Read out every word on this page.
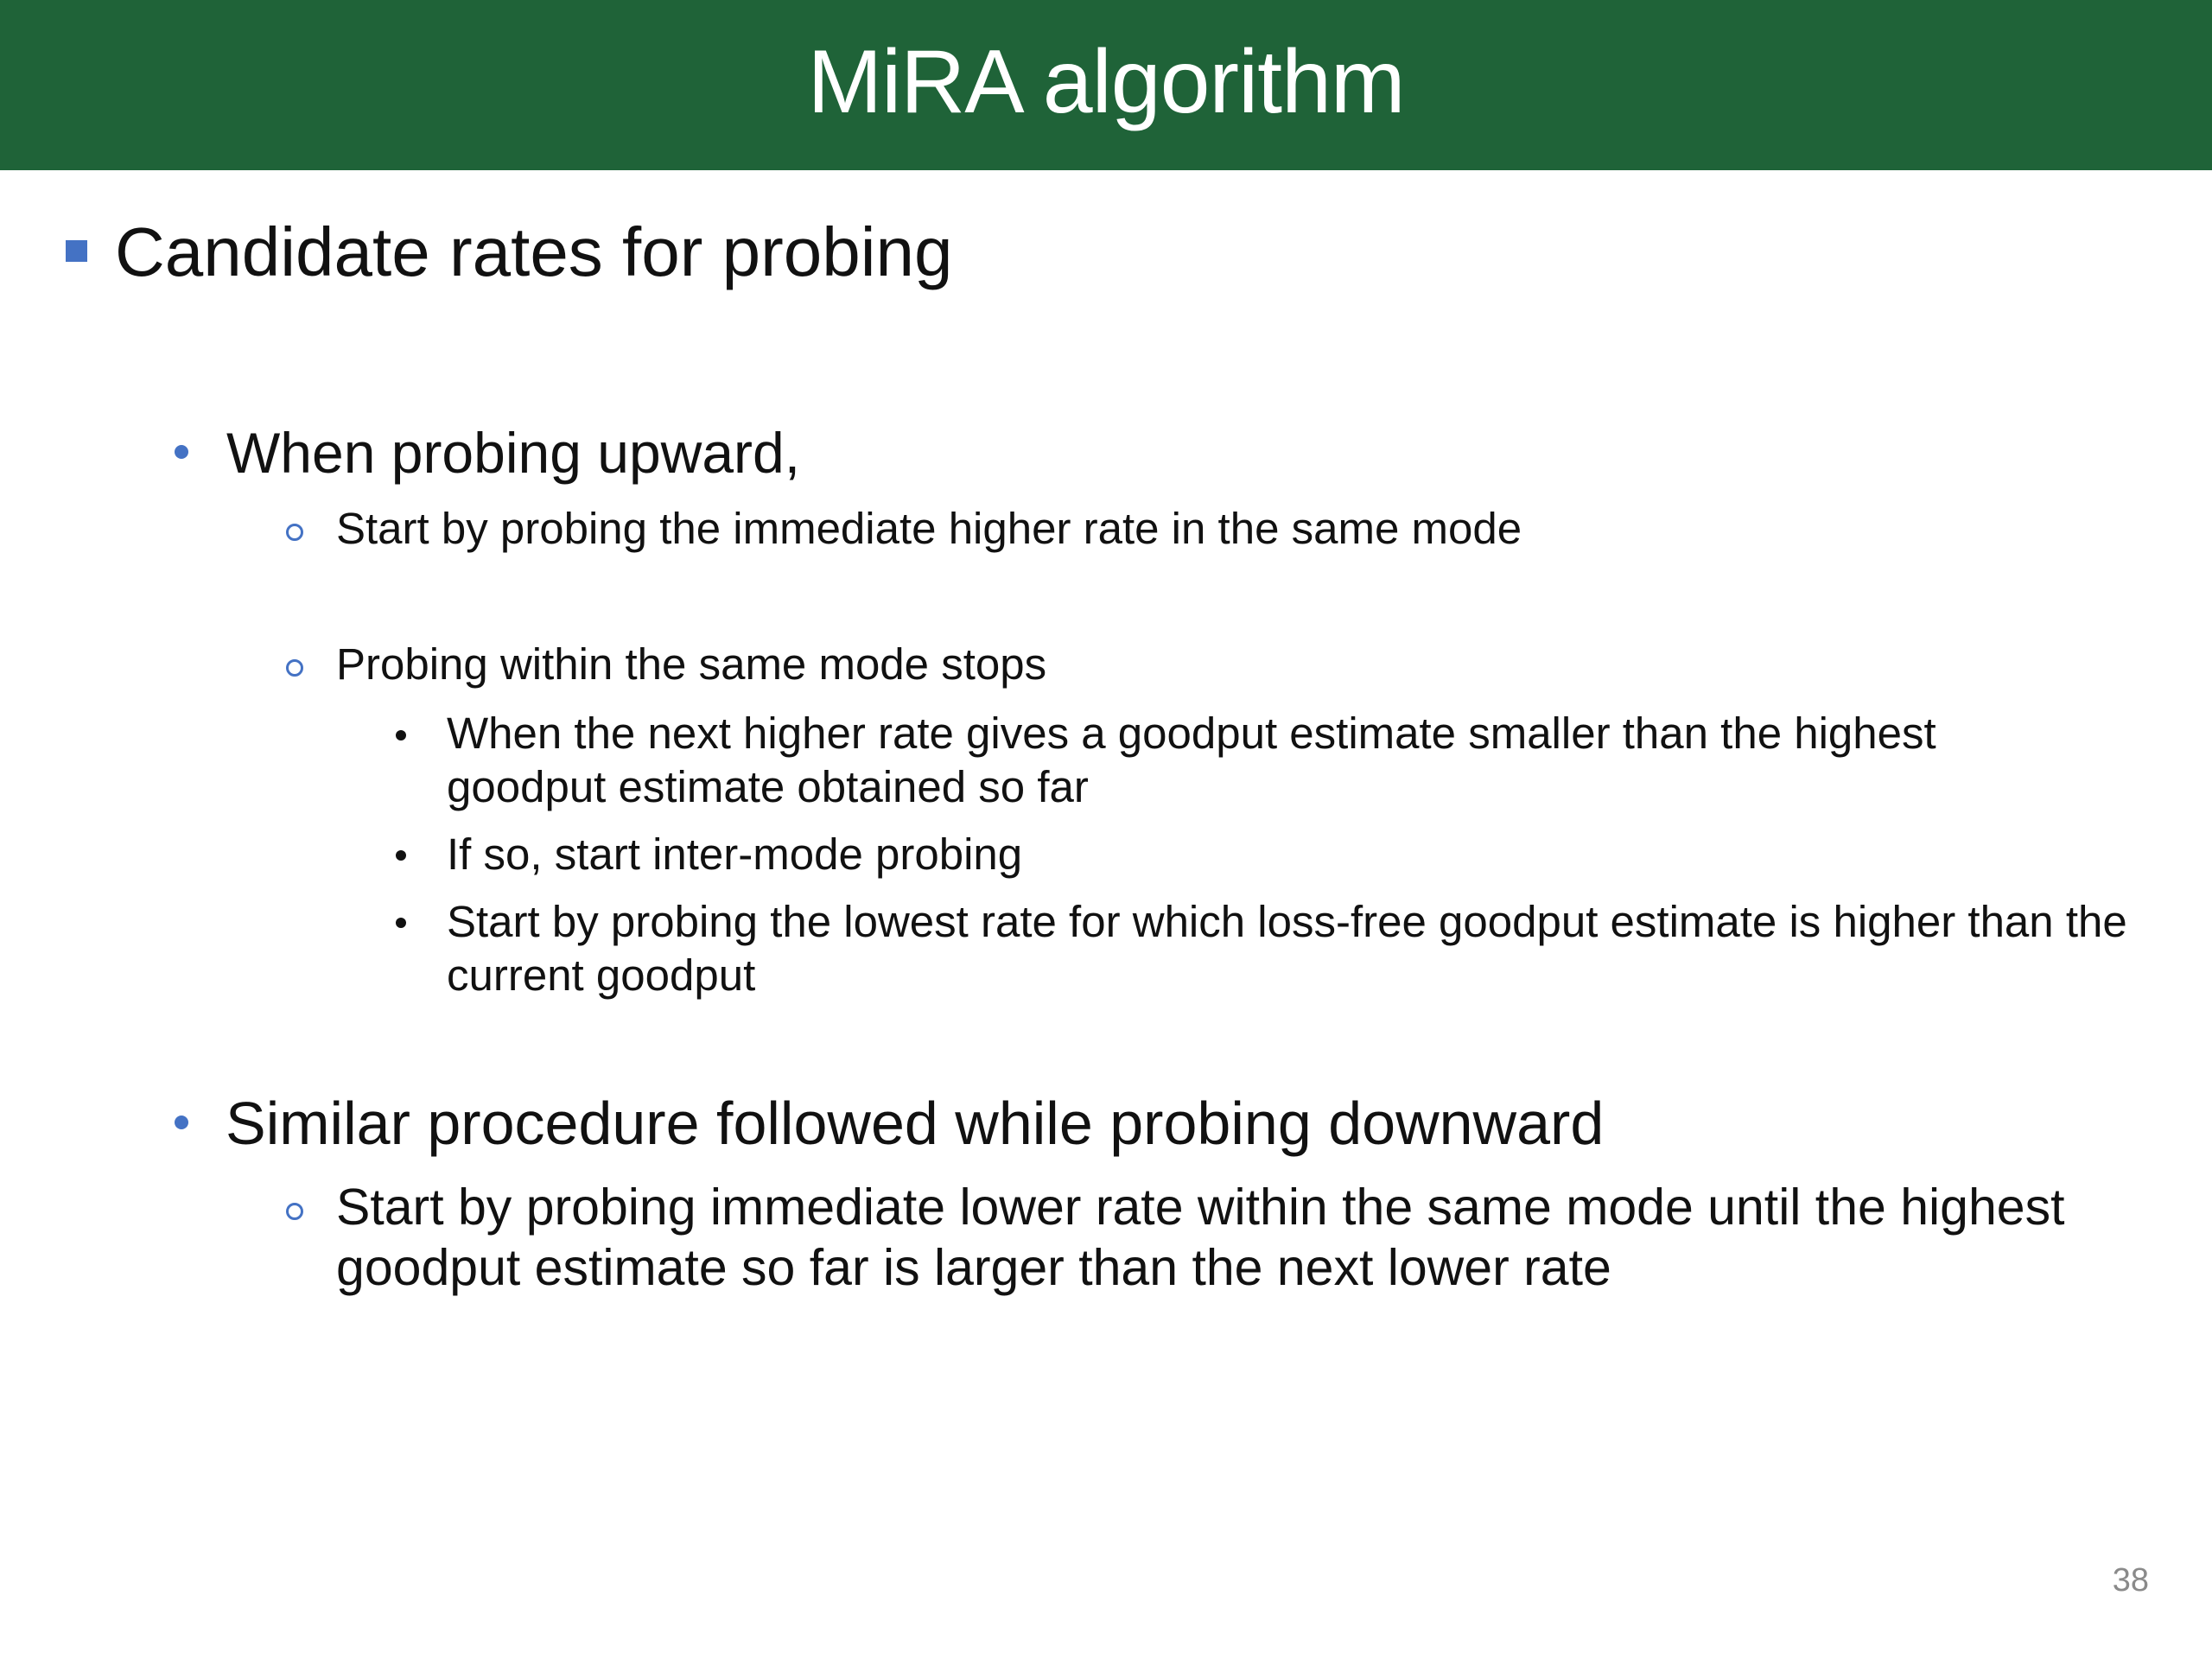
MiRA algorithm
Candidate rates for probing
When probing upward,
Start by probing the immediate higher rate in the same mode
Probing within the same mode stops
When the next higher rate gives a goodput estimate smaller than the highest goodput estimate obtained so far
If so, start inter-mode probing
Start by probing the lowest rate for which loss-free goodput estimate is higher than the current goodput
Similar procedure followed while probing downward
Start by probing immediate lower rate within the same mode until the highest goodput estimate so far is larger than the next lower rate
38
